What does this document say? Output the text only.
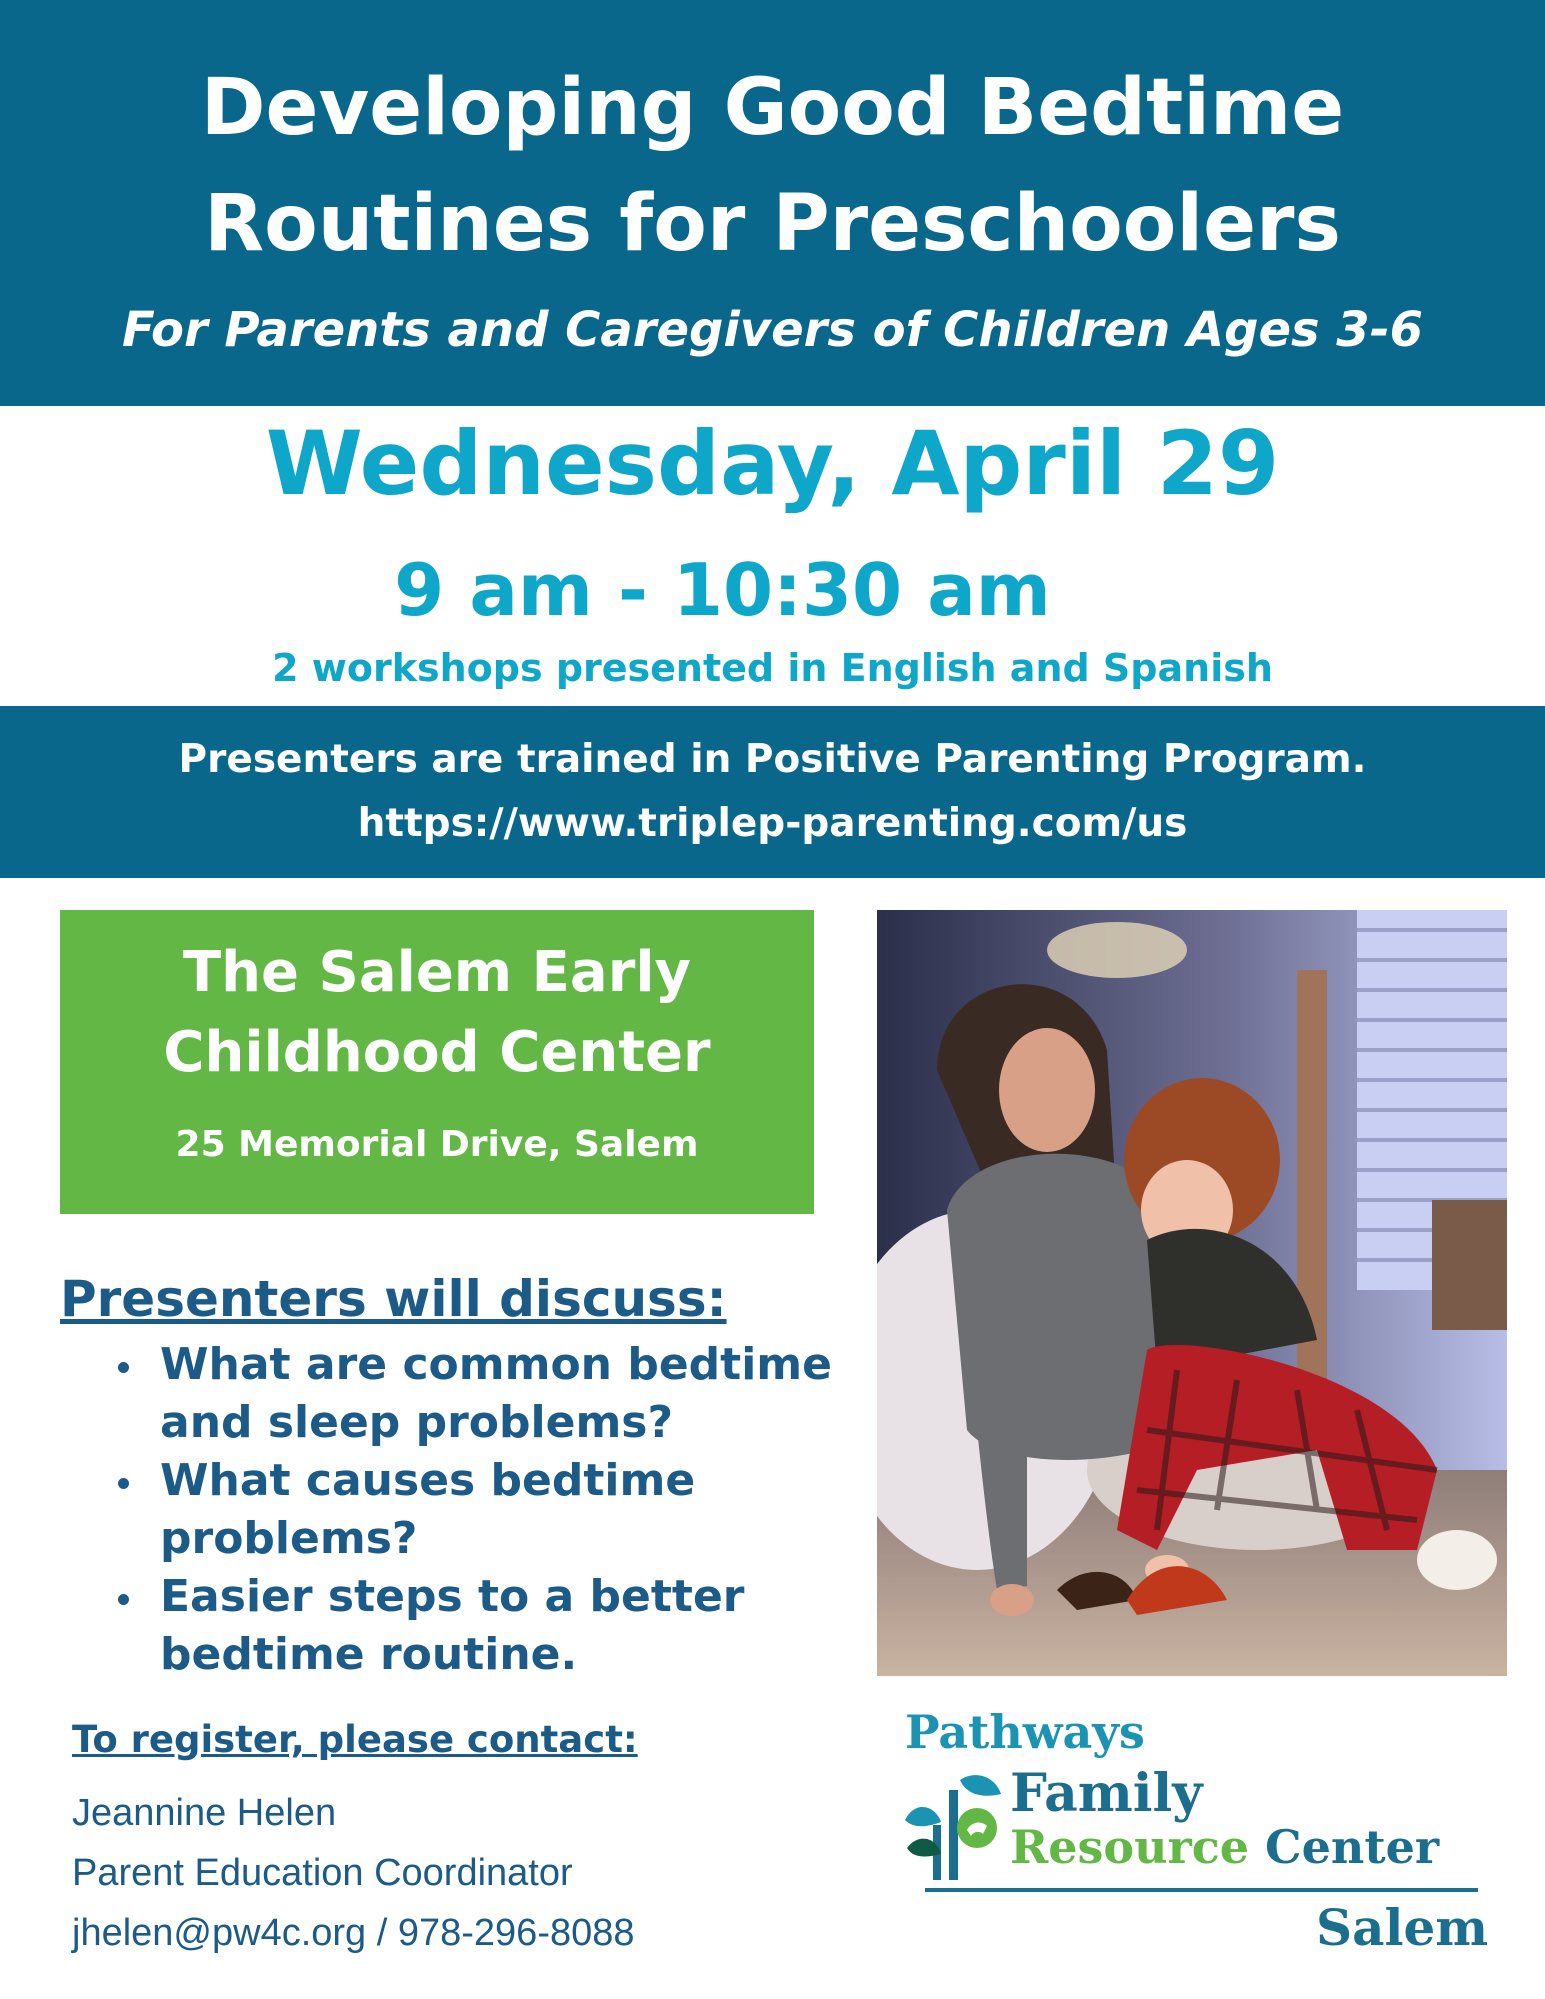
Developing Good Bedtime
Routines for Preschoolers
For Parents and Caregivers of Children Ages 3-6
Wednesday, April 29
9 am - 10:30 am
2 workshops presented in English and Spanish
Presenters are trained in Positive Parenting Program.
https://www.triplep-parenting.com/us
The Salem Early
Childhood Center
25 Memorial Drive, Salem
Presenters will discuss:
What are common bedtime
and sleep problems?
What causes bedtime
problems?
Easier steps to a better
bedtime routine.
To register, please contact:
Jeannine Helen
Parent Education Coordinator
jhelen@pw4c.org / 978-296-8088
Pathways
Family
Resource Center
Salem
